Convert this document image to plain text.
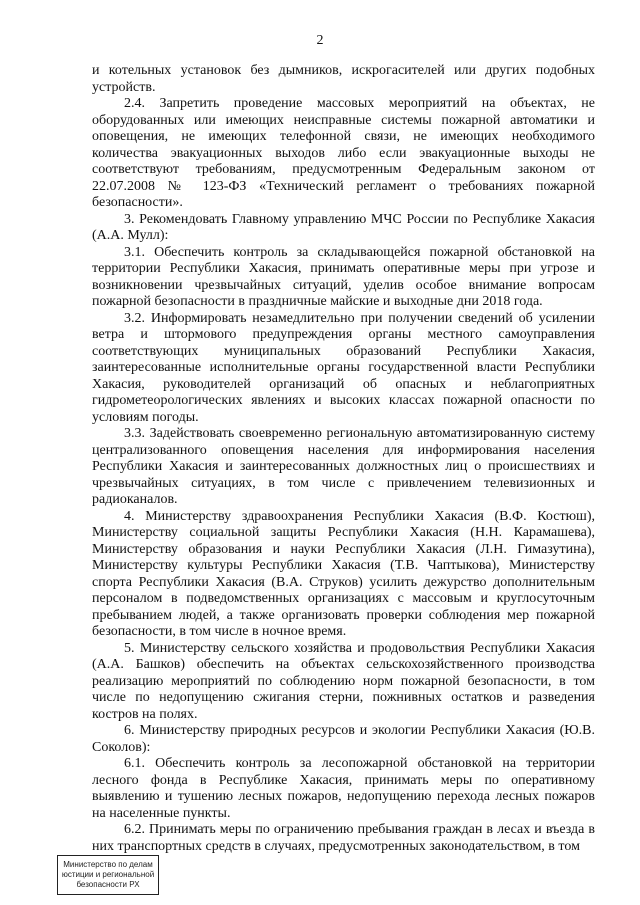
2

и котельных установок без дымников, искрогасителей или других подобных устройств.

2.4. Запретить проведение массовых мероприятий на объектах, не оборудованных или имеющих неисправные системы пожарной автоматики и оповещения, не имеющих телефонной связи, не имеющих необходимого количества эвакуационных выходов либо если эвакуационные выходы не соответствуют требованиям, предусмотренным Федеральным законом от 22.07.2008 № 123-ФЗ «Технический регламент о требованиях пожарной безопасности».

3. Рекомендовать Главному управлению МЧС России по Республике Хакасия (А.А. Мулл):

3.1. Обеспечить контроль за складывающейся пожарной обстановкой на территории Республики Хакасия, принимать оперативные меры при угрозе и возникновении чрезвычайных ситуаций, уделив особое внимание вопросам пожарной безопасности в праздничные майские и выходные дни 2018 года.

3.2. Информировать незамедлительно при получении сведений об усилении ветра и штормового предупреждения органы местного самоуправления соответствующих муниципальных образований Республики Хакасия, заинтересованные исполнительные органы государственной власти Республики Хакасия, руководителей организаций об опасных и неблагоприятных гидрометеорологических явлениях и высоких классах пожарной опасности по условиям погоды.

3.3. Задействовать своевременно региональную автоматизированную систему централизованного оповещения населения для информирования населения Республики Хакасия и заинтересованных должностных лиц о происшествиях и чрезвычайных ситуациях, в том числе с привлечением телевизионных и радиоканалов.

4. Министерству здравоохранения Республики Хакасия (В.Ф. Костюш), Министерству социальной защиты Республики Хакасия (Н.Н. Карамашева), Министерству образования и науки Республики Хакасия (Л.Н. Гимазутина), Министерству культуры Республики Хакасия (Т.В. Чаптыкова), Министерству спорта Республики Хакасия (В.А. Струков) усилить дежурство дополнительным персоналом в подведомственных организациях с массовым и круглосуточным пребыванием людей, а также организовать проверки соблюдения мер пожарной безопасности, в том числе в ночное время.

5. Министерству сельского хозяйства и продовольствия Республики Хакасия (А.А. Башков) обеспечить на объектах сельскохозяйственного производства реализацию мероприятий по соблюдению норм пожарной безопасности, в том числе по недопущению сжигания стерни, пожнивных остатков и разведения костров на полях.

6. Министерству природных ресурсов и экологии Республики Хакасия (Ю.В. Соколов):

6.1. Обеспечить контроль за лесопожарной обстановкой на территории лесного фонда в Республике Хакасия, принимать меры по оперативному выявлению и тушению лесных пожаров, недопущению перехода лесных пожаров на населенные пункты.

6.2. Принимать меры по ограничению пребывания граждан в лесах и въезда в них транспортных средств в случаях, предусмотренных законодательством, в том

Министерство по делам
юстиции и региональной
безопасности РХ
